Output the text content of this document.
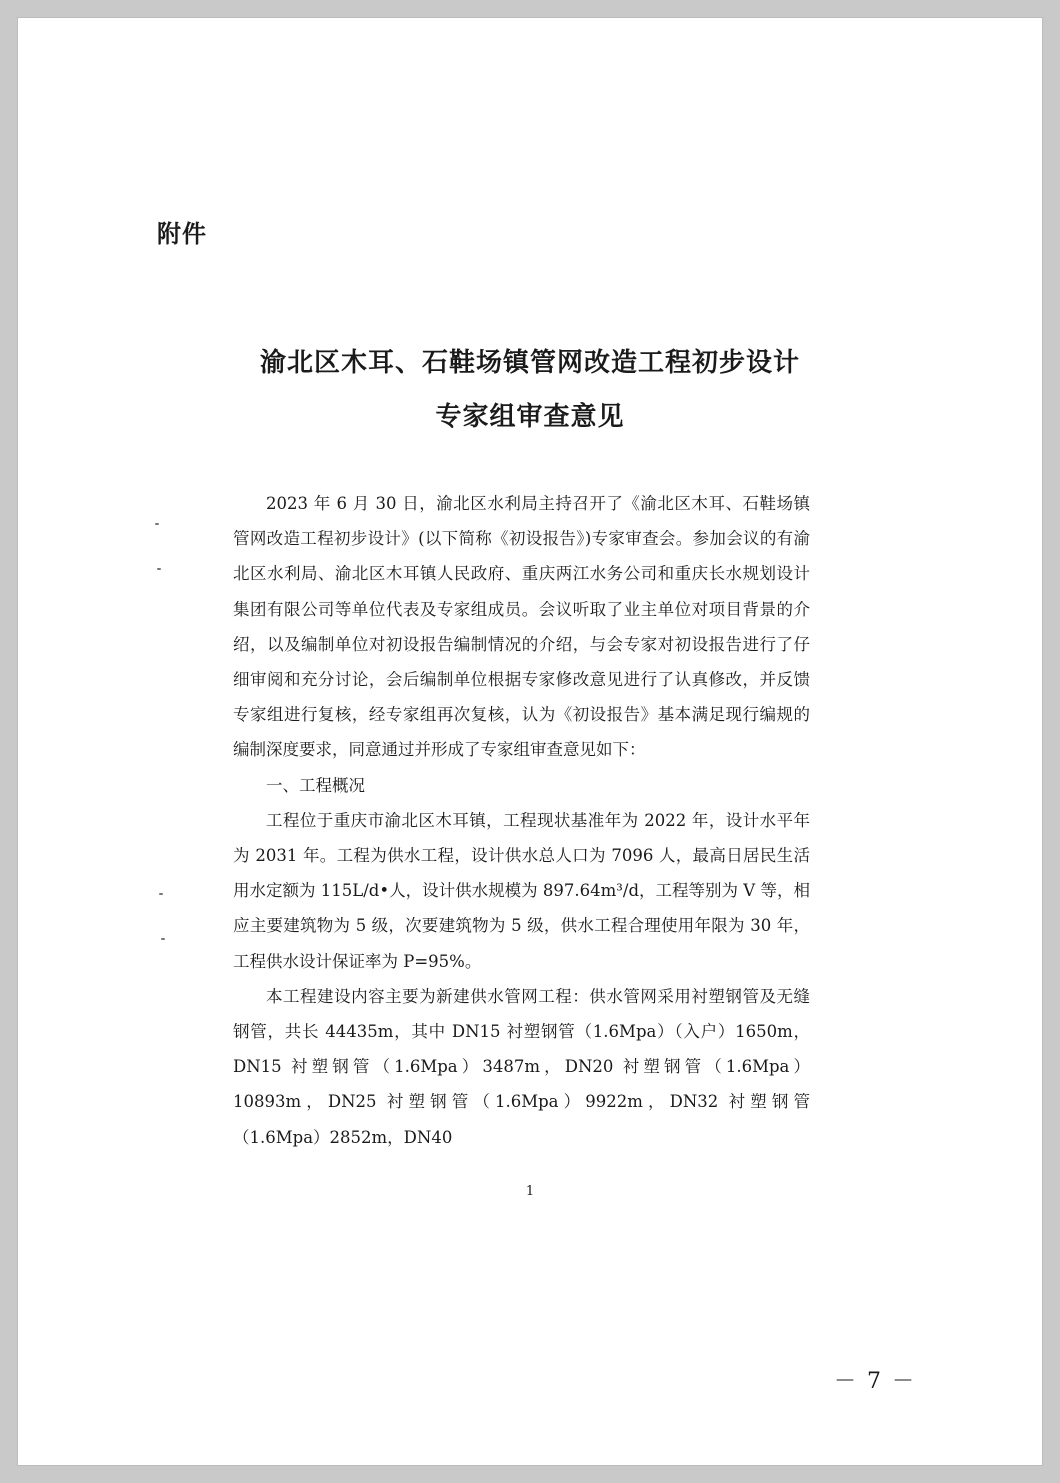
附件
渝北区木耳、石鞋场镇管网改造工程初步设计
专家组审查意见

2023 年 6 月 30 日，渝北区水利局主持召开了《渝北区木耳、石鞋场镇管网改造工程初步设计》(以下简称《初设报告》)专家审查会。参加会议的有渝北区水利局、渝北区木耳镇人民政府、重庆两江水务公司和重庆长水规划设计集团有限公司等单位代表及专家组成员。会议听取了业主单位对项目背景的介绍，以及编制单位对初设报告编制情况的介绍，与会专家对初设报告进行了仔细审阅和充分讨论，会后编制单位根据专家修改意见进行了认真修改，并反馈专家组进行复核，经专家组再次复核，认为《初设报告》基本满足现行编规的编制深度要求，同意通过并形成了专家组审查意见如下：

一、工程概况

工程位于重庆市渝北区木耳镇，工程现状基准年为 2022 年，设计水平年为 2031 年。工程为供水工程，设计供水总人口为 7096 人，最高日居民生活用水定额为 115L/d•人，设计供水规模为 897.64m³/d，工程等别为 V 等，相应主要建筑物为 5 级，次要建筑物为 5 级，供水工程合理使用年限为 30 年，工程供水设计保证率为 P=95%。

本工程建设内容主要为新建供水管网工程：供水管网采用衬塑钢管及无缝钢管，共长 44435m，其中 DN15 衬塑钢管（1.6Mpa）（入户）1650m，DN15 衬塑钢管（1.6Mpa）3487m，DN20 衬塑钢管（1.6Mpa）10893m，DN25 衬塑钢管（1.6Mpa）9922m，DN32 衬塑钢管（1.6Mpa）2852m，DN40

1
－ 7 －
